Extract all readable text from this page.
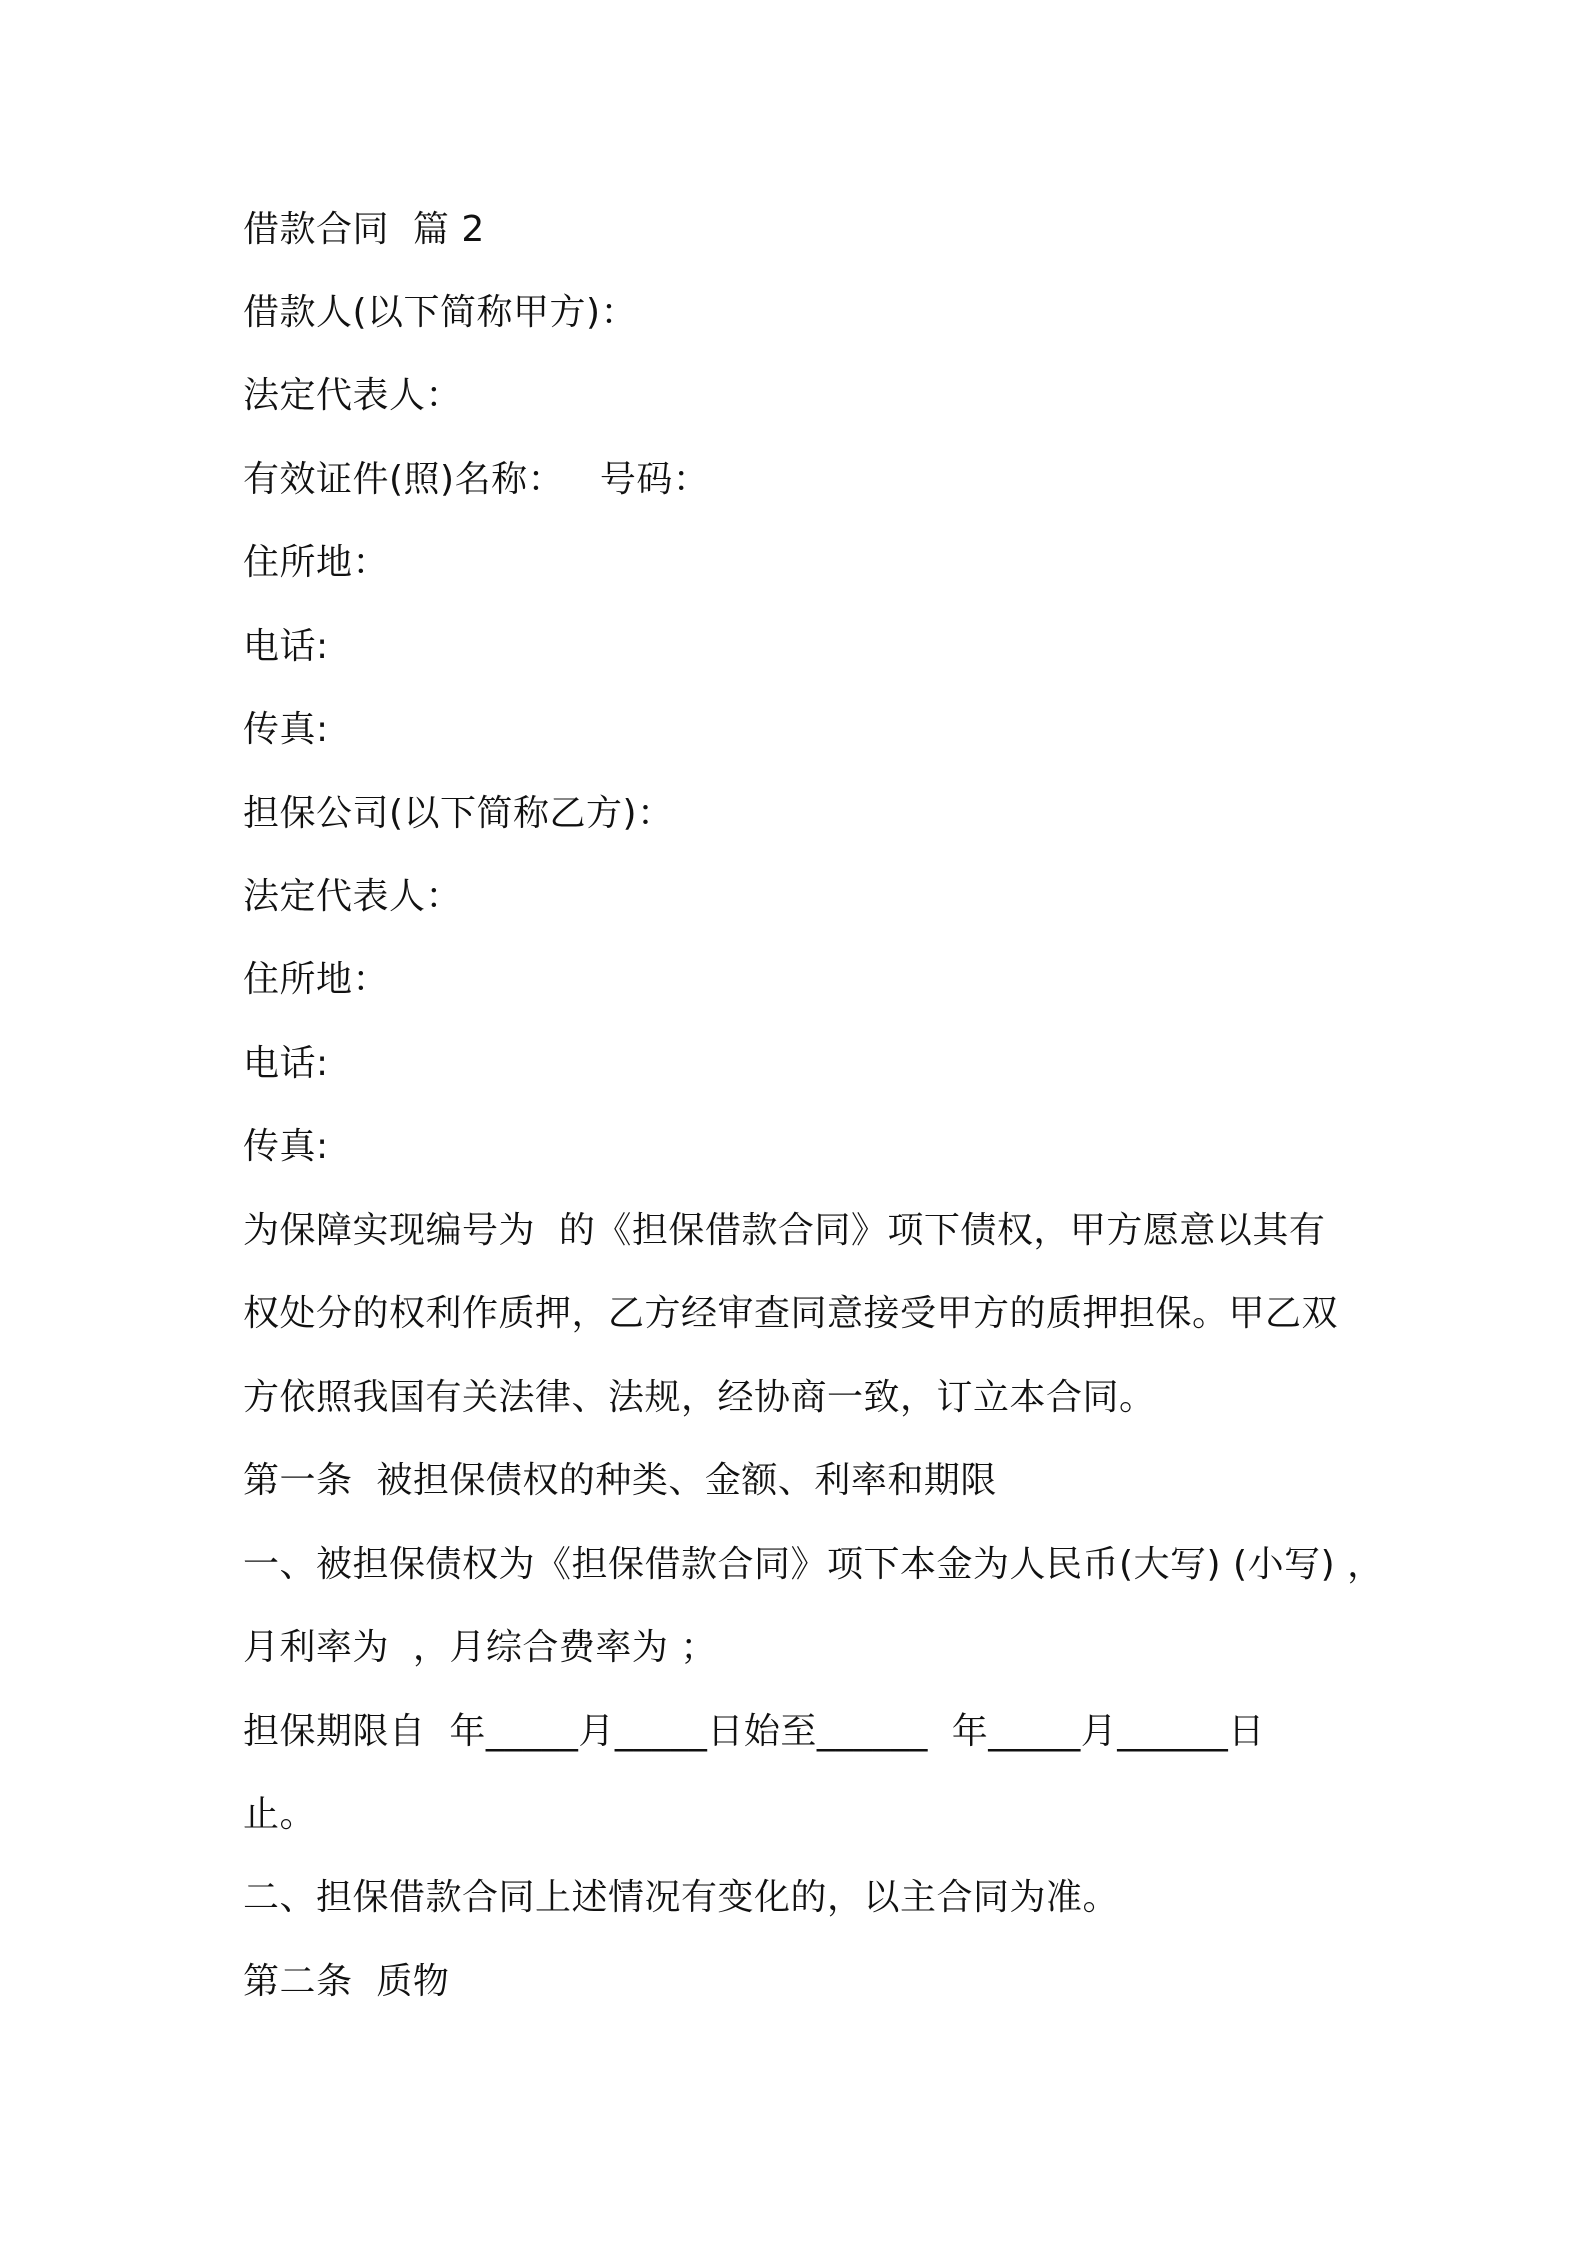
借款合同  篇 2
借款人(以下简称甲方)：
法定代表人：
有效证件(照)名称：   号码：
住所地：
电话:
传真:
担保公司(以下简称乙方)：
法定代表人：
住所地：
电话:
传真:
为保障实现编号为  的《担保借款合同》项下债权，甲方愿意以其有
权处分的权利作质押，乙方经审查同意接受甲方的质押担保。甲乙双
方依照我国有关法律、法规，经协商一致，订立本合同。
第一条  被担保债权的种类、金额、利率和期限
一、被担保债权为《担保借款合同》项下本金为人民币(大写) (小写) ，
月利率为  ，月综合费率为 ；
担保期限自  年_____月_____日始至______  年_____月______日
止。
二、担保借款合同上述情况有变化的，以主合同为准。
第二条  质物
